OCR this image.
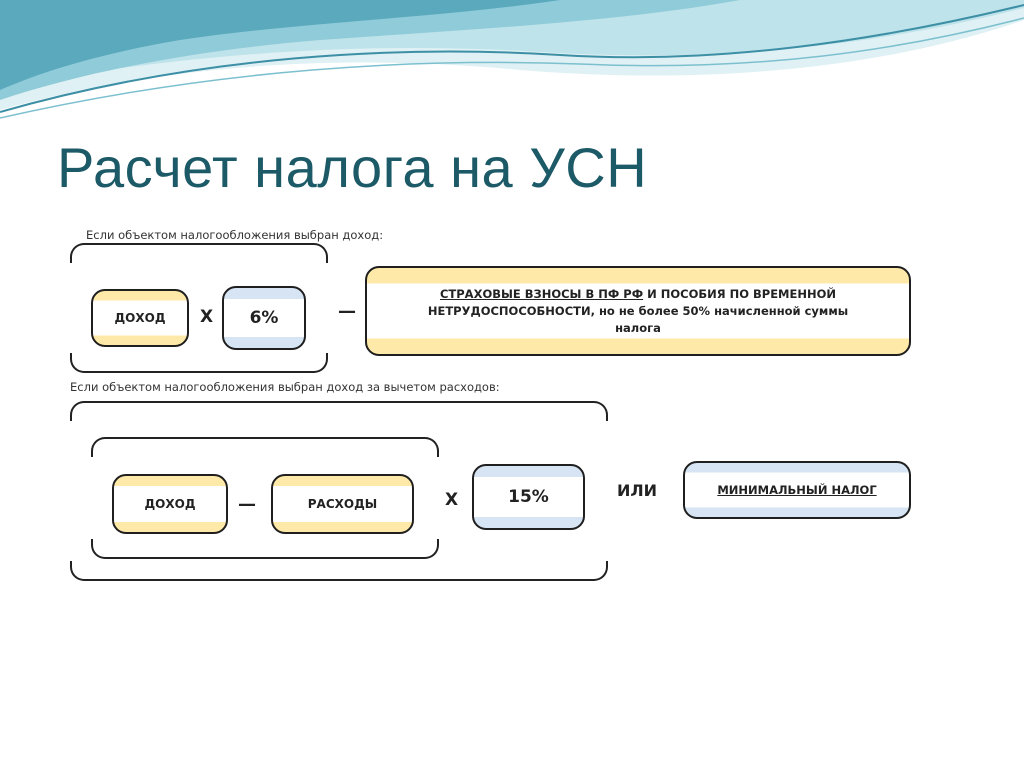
Расчет налога на УСН
Если объектом налогообложения выбран доход:
ДОХОД Х 6%	—
СТРАХОВЫЕ ВЗНОСЫ В ПФ РФ И ПОСОБИЯ ПО ВРЕМЕННОЙ НЕТРУДОСПОСОБНОСТИ, но не более 50% начисленной суммы налога
Если объектом налогообложения выбран доход за вычетом расходов:
ДОХОД —	РАСХОДЫ	Х	15%	ИЛИ	МИНИМАЛЬНЫЙ НАЛОГ
